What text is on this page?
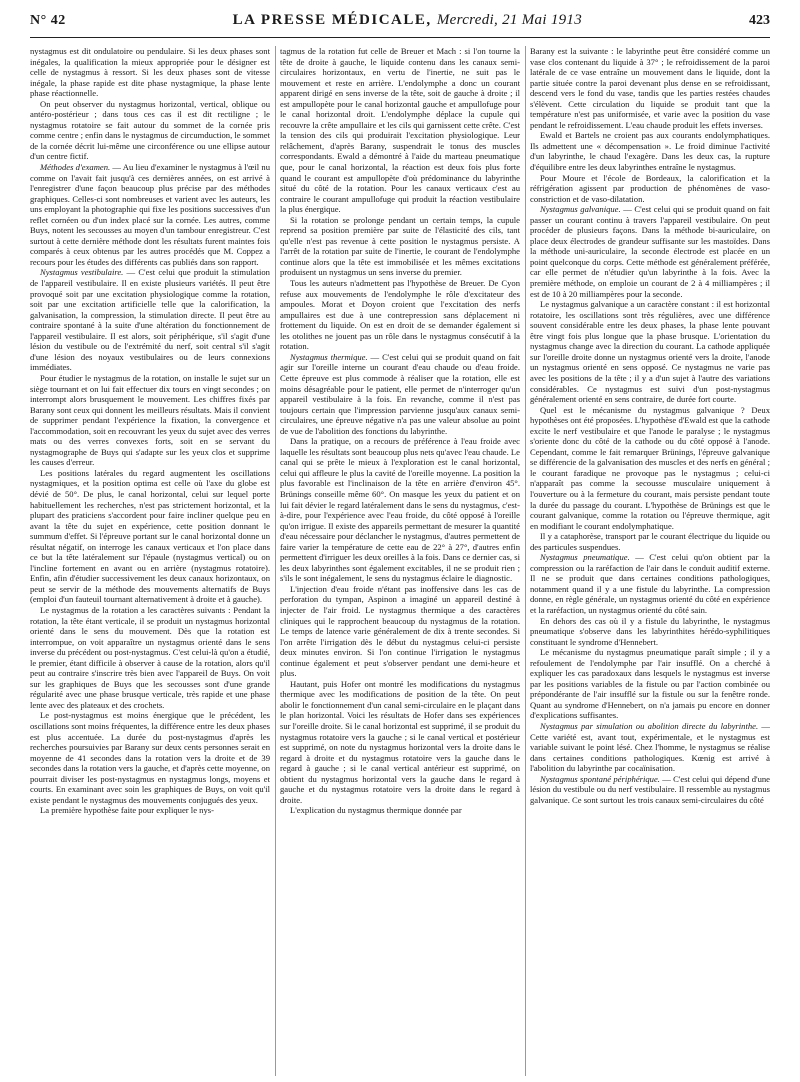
N° 42	LA PRESSE MÉDICALE, Mercredi, 21 Mai 1913	423

nystagmus est dit ondulatoire ou pendulaire. Si les deux phases sont inégales, la qualification la mieux appropriée pour le désigner est celle de nystagmus à ressort. Si les deux phases sont de vitesse inégale, la phase rapide est dite phase nystagmique, la phase lente phase réactionnelle.

On peut observer du nystagmus horizontal, vertical, oblique ou antéro-postérieur ; dans tous ces cas il est dit rectiligne ; le nystagmus rotatoire se fait autour du sommet de la cornée pris comme centre ; enfin dans le nystagmus de circumduction, le sommet de la cornée décrit lui-même une circonférence ou une ellipse autour d'un centre fictif.

Méthodes d'examen. — Au lieu d'examiner le nystagmus à l'œil nu comme on l'avait fait jusqu'à ces dernières années, on est arrivé à l'enregistrer d'une façon beaucoup plus précise par des méthodes graphiques. Celles-ci sont nombreuses et varient avec les auteurs, les uns employant la photographie qui fixe les positions successives d'un reflet cornéen ou d'un index placé sur la cornée. Les autres, comme Buys, notent les secousses au moyen d'un tambour enregistreur. C'est surtout à cette dernière méthode dont les résultats furent maintes fois comparés à ceux obtenus par les autres procédés que M. Coppez a recours pour les études des différents cas publiés dans son rapport.

Nystagmus vestibulaire. — C'est celui que produit la stimulation de l'appareil vestibulaire. Il en existe plusieurs variétés. Il peut être provoqué soit par une excitation physiologique comme la rotation, soit par une excitation artificielle telle que la calorification, la galvanisation, la compression, la stimulation directe. Il peut être au contraire spontané à la suite d'une altération du fonctionnement de l'appareil vestibulaire. Il est alors, soit périphérique, s'il s'agit d'une lésion du vestibule ou de l'extrémité du nerf, soit central s'il s'agit d'une lésion des noyaux vestibulaires ou de leurs connexions immédiates.

Pour étudier le nystagmus de la rotation, on installe le sujet sur un siège tournant et on lui fait effectuer dix tours en vingt secondes ; on interrompt alors brusquement le mouvement. Les chiffres fixés par Barany sont ceux qui donnent les meilleurs résultats. Mais il convient de supprimer pendant l'expérience la fixation, la convergence et l'accommodation, soit en recouvrant les yeux du sujet avec des verres mats ou des verres convexes forts, soit en se servant du nystagmographe de Buys qui s'adapte sur les yeux clos et supprime les causes d'erreur.

Les positions latérales du regard augmentent les oscillations nystagmiques, et la position optima est celle où l'axe du globe est dévié de 50°. De plus, le canal horizontal, celui sur lequel porte habituellement les recherches, n'est pas strictement horizontal, et la plupart des praticiens s'accordent pour faire incliner quelque peu en avant la tête du sujet en expérience, cette position donnant le summum d'effet. Si l'épreuve portant sur le canal horizontal donne un résultat négatif, on interroge les canaux verticaux et l'on place dans ce but la tête latéralement sur l'épaule (nystagmus vertical) ou on l'incline fortement en avant ou en arrière (nystagmus rotatoire). Enfin, afin d'étudier successivement les deux canaux horizontaux, on peut se servir de la méthode des mouvements alternatifs de Buys (emploi d'un fauteuil tournant alternativement à droite et à gauche).

Le nystagmus de la rotation a les caractères suivants : Pendant la rotation, la tête étant verticale, il se produit un nystagmus horizontal orienté dans le sens du mouvement. Dès que la rotation est interrompue, on voit apparaître un nystagmus orienté dans le sens inverse du précédent ou post-nystagmus. C'est celui-là qu'on a étudié, le premier, étant difficile à observer à cause de la rotation, alors qu'il peut au contraire s'inscrire très bien avec l'appareil de Buys. On voit sur les graphiques de Buys que les secousses sont d'une grande régularité avec une phase brusque verticale, très rapide et une phase lente avec des plateaux et des crochets.

Le post-nystagmus est moins énergique que le précédent, les oscillations sont moins fréquentes, la différence entre les deux phases est plus accentuée. La durée du post-nystagmus d'après les recherches poursuivies par Barany sur deux cents personnes serait en moyenne de 41 secondes dans la rotation vers la droite et de 39 secondes dans la rotation vers la gauche, et d'après cette moyenne, on pourrait diviser les post-nystagmus en nystagmus longs, moyens et courts. En examinant avec soin les graphiques de Buys, on voit qu'il existe pendant le nystagmus des mouvements conjugués des yeux.

La première hypothèse faite pour expliquer le nys-

tagmus de la rotation fut celle de Breuer et Mach : si l'on tourne la tête de droite à gauche, le liquide contenu dans les canaux semi-circulaires horizontaux, en vertu de l'inertie, ne suit pas le mouvement et reste en arrière. L'endolymphe a donc un courant apparent dirigé en sens inverse de la tête, soit de gauche à droite ; il est ampullopète pour le canal horizontal gauche et ampullofuge pour le canal horizontal droit. L'endolymphe déplace la cupule qui recouvre la crête ampullaire et les cils qui garnissent cette crête. C'est la tension des cils qui produirait l'excitation physiologique. Leur relâchement, d'après Barany, suspendrait le tonus des muscles correspondants. Ewald a démontré à l'aide du marteau pneumatique que, pour le canal horizontal, la réaction est deux fois plus forte quand le courant est ampullopète d'où prédominance du labyrinthe situé du côté de la rotation. Pour les canaux verticaux c'est au contraire le courant ampullofuge qui produit la réaction vestibulaire la plus énergique.

Si la rotation se prolonge pendant un certain temps, la cupule reprend sa position première par suite de l'élasticité des cils, tant qu'elle n'est pas revenue à cette position le nystagmus persiste. A l'arrêt de la rotation par suite de l'inertie, le courant de l'endolymphe continue alors que la tête est immobilisée et les mêmes excitations produisent un nystagmus un sens inverse du premier.

Tous les auteurs n'admettent pas l'hypothèse de Breuer. De Cyon refuse aux mouvements de l'endolymphe le rôle d'excitateur des ampoules. Morat et Doyon croient que l'excitation des nerfs ampullaires est due à une contrepression sans déplacement ni frottement du liquide. On est en droit de se demander également si les otolithes ne jouent pas un rôle dans le nystagmus consécutif à la rotation.

Nystagmus thermique. — C'est celui qui se produit quand on fait agir sur l'oreille interne un courant d'eau chaude ou d'eau froide. Cette épreuve est plus commode à réaliser que la rotation, elle est moins désagréable pour le patient, elle permet de n'interroger qu'un appareil vestibulaire à la fois. En revanche, comme il n'est pas toujours certain que l'impression parvienne jusqu'aux canaux semi-circulaires, une épreuve négative n'a pas une valeur absolue au point de vue de l'abolition des fonctions du labyrinthe.

Dans la pratique, on a recours de préférence à l'eau froide avec laquelle les résultats sont beaucoup plus nets qu'avec l'eau chaude. Le canal qui se prête le mieux à l'exploration est le canal horizontal, celui qui affleure le plus la cavité de l'oreille moyenne. La position la plus favorable est l'inclinaison de la tête en arrière d'environ 45°. Brünings conseille même 60°. On masque les yeux du patient et on lui fait dévier le regard latéralement dans le sens du nystagmus, c'est-à-dire, pour l'expérience avec l'eau froide, du côté opposé à l'oreille qu'on irrigue. Il existe des appareils permettant de mesurer la quantité d'eau nécessaire pour déclancher le nystagmus, d'autres permettent de faire varier la température de cette eau de 22° à 27°, d'autres enfin permettent d'irriguer les deux oreilles à la fois. Dans ce dernier cas, si les deux labyrinthes sont également excitables, il ne se produit rien ; s'ils le sont inégalement, le sens du nystagmus éclaire le diagnostic.

L'injection d'eau froide n'étant pas inoffensive dans les cas de perforation du tympan, Aspinon a imaginé un appareil destiné à injecter de l'air froid. Le nystagmus thermique a des caractères cliniques qui le rapprochent beaucoup du nystagmus de la rotation. Le temps de latence varie généralement de dix à trente secondes. Si l'on arrête l'irrigation dès le début du nystagmus celui-ci persiste deux minutes environ. Si l'on continue l'irrigation le nystagmus continue également et peut s'observer pendant une demi-heure et plus.

Hautant, puis Hofer ont montré les modifications du nystagmus thermique avec les modifications de position de la tête. On peut abolir le fonctionnement d'un canal semi-circulaire en le plaçant dans le plan horizontal. Voici les résultats de Hofer dans ses expériences sur l'oreille droite. Si le canal horizontal est supprimé, il se produit du nystagmus rotatoire vers la gauche ; si le canal vertical et postérieur est supprimé, on note du nystagmus horizontal vers la droite dans le regard à droite et du nystagmus rotatoire vers la gauche dans le regard à gauche ; si le canal vertical antérieur est supprimé, on obtient du nystagmus horizontal vers la gauche dans le regard à gauche et du nystagmus rotatoire vers la droite dans le regard à droite.

L'explication du nystagmus thermique donnée par

Barany est la suivante : le labyrinthe peut être considéré comme un vase clos contenant du liquide à 37° ; le refroidissement de la paroi latérale de ce vase entraîne un mouvement dans le liquide, dont la partie située contre la paroi devenant plus dense en se refroidissant, descend vers le fond du vase, tandis que les parties restées chaudes s'élèvent. Cette circulation du liquide se produit tant que la température n'est pas uniformisée, et varie avec la position du vase pendant le refroidissement. L'eau chaude produit les effets inverses.

Ewald et Bartels ne croient pas aux courants endolymphatiques. Ils admettent une « décompensation ». Le froid diminue l'activité d'un labyrinthe, le chaud l'exagère. Dans les deux cas, la rupture d'équilibre entre les deux labyrinthes entraîne le nystagmus.

Pour Moure et l'école de Bordeaux, la calorification et la réfrigération agissent par production de phénomènes de vaso-constriction et de vaso-dilatation.

Nystagmus galvanique. — C'est celui qui se produit quand on fait passer un courant continu à travers l'appareil vestibulaire. On peut procéder de plusieurs façons. Dans la méthode bi-auriculaire, on place deux électrodes de grandeur suffisante sur les mastoïdes. Dans la méthode uni-auriculaire, la seconde électrode est placée en un point quelconque du corps. Cette méthode est généralement préférée, car elle permet de n'étudier qu'un labyrinthe à la fois. Avec la première méthode, on emploie un courant de 2 à 4 milliampères ; il est de 10 à 20 milliampères pour la seconde.

Le nystagmus galvanique a un caractère constant : il est horizontal rotatoire, les oscillations sont très régulières, avec une différence souvent considérable entre les deux phases, la phase lente pouvant être vingt fois plus longue que la phase brusque. L'orientation du nystagmus change avec la direction du courant. La cathode appliquée sur l'oreille droite donne un nystagmus orienté vers la droite, l'anode un nystagmus orienté en sens opposé. Ce nystagmus ne varie pas avec les positions de la tête ; il y a d'un sujet à l'autre des variations considérables. Ce nystagmus est suivi d'un post-nystagmus généralement orienté en sens contraire, de durée fort courte.

Quel est le mécanisme du nystagmus galvanique ? Deux hypothèses ont été proposées. L'hypothèse d'Ewald est que la cathode excite le nerf vestibulaire et que l'anode le paralyse ; le nystagmus s'oriente donc du côté de la cathode ou du côté opposé à l'anode. Cependant, comme le fait remarquer Brünings, l'épreuve galvanique se différencie de la galvanisation des muscles et des nerfs en général ; le courant faradique ne provoque pas le nystagmus ; celui-ci n'apparaît pas comme la secousse musculaire uniquement à l'ouverture ou à la fermeture du courant, mais persiste pendant toute la durée du passage du courant. L'hypothèse de Brünings est que le courant galvanique, comme la rotation ou l'épreuve thermique, agit en modifiant le courant endolymphatique.

Il y a cataphorèse, transport par le courant électrique du liquide ou des particules suspendues.

Nystagmus pneumatique. — C'est celui qu'on obtient par la compression ou la raréfaction de l'air dans le conduit auditif externe. Il ne se produit que dans certaines conditions pathologiques, notamment quand il y a une fistule du labyrinthe. La compression donne, en règle générale, un nystagmus orienté du côté en expérience et la raréfaction, un nystagmus orienté du côté sain.

En dehors des cas où il y a fistule du labyrinthe, le nystagmus pneumatique s'observe dans les labyrinthites hérédo-syphilitiques constituant le syndrome d'Hennebert.

Le mécanisme du nystagmus pneumatique paraît simple ; il y a refoulement de l'endolymphe par l'air insufflé. On a cherché à expliquer les cas paradoxaux dans lesquels le nystagmus est inverse par les positions variables de la fistule ou par l'action combinée ou prépondérante de l'air insufflé sur la fistule ou sur la fenêtre ronde. Quant au syndrome d'Hennebert, on n'a jamais pu encore en donner d'explications suffisantes.

Nystagmus par simulation ou abolition directe du labyrinthe. — Cette variété est, avant tout, expérimentale, et le nystagmus est variable suivant le point lésé. Chez l'homme, le nystagmus se réalise dans certaines conditions pathologiques. Kœnig est arrivé à l'abolition du labyrinthe par cocaïnisation.

Nystagmus spontané périphérique. — C'est celui qui dépend d'une lésion du vestibule ou du nerf vestibulaire. Il ressemble au nystagmus galvanique. Ce sont surtout les trois canaux semi-circulaires du côté
